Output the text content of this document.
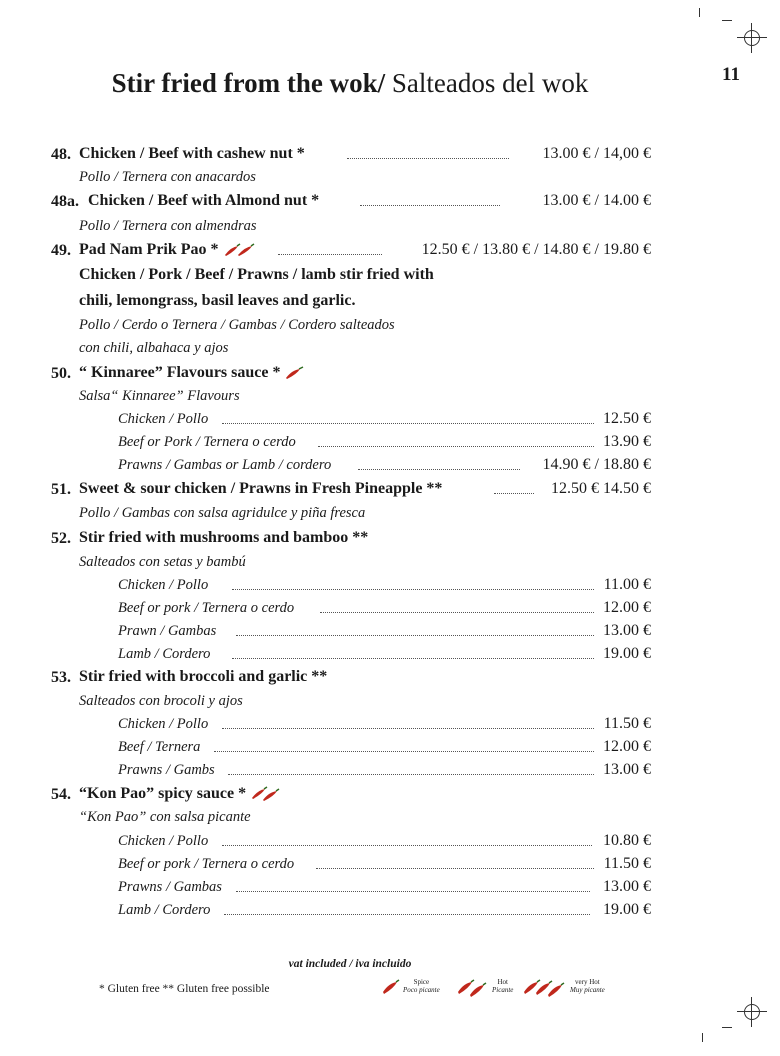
11
Stir fried from the wok/ Salteados del wok
48. Chicken / Beef with cashew nut *	13.00 € / 14,00 €
Pollo / Ternera con anacardos
48a. Chicken / Beef with Almond nut *	13.00 € / 14.00 €
Pollo / Ternera con almendras
49. Pad Nam Prik Pao *	12.50 € / 13.80 € / 14.80 € / 19.80 €
Chicken / Pork / Beef / Prawns / lamb stir fried with
chili, lemongrass, basil leaves and garlic.
Pollo / Cerdo o Ternera / Gambas / Cordero salteados
con chili, albahaca y ajos
50. “ Kinnaree” Flavours sauce *
Salsa“ Kinnaree” Flavours
Chicken / Pollo	12.50 €
Beef or Pork / Ternera o cerdo	13.90 €
Prawns / Gambas or Lamb / cordero	14.90 € / 18.80 €
51. Sweet & sour chicken / Prawns in Fresh Pineapple **	12.50 € 14.50 €
Pollo / Gambas con salsa agridulce y piña fresca
52. Stir fried with mushrooms and bamboo **
Salteados con setas y bambú
Chicken / Pollo	11.00 €
Beef or pork / Ternera o cerdo	12.00 €
Prawn / Gambas	13.00 €
Lamb / Cordero	19.00 €
53. Stir fried with broccoli and garlic **
Salteados con brocoli y ajos
Chicken / Pollo	11.50 €
Beef / Ternera	12.00 €
Prawns / Gambs	13.00 €
54. “Kon Pao” spicy sauce *
“Kon Pao” con salsa picante
Chicken / Pollo	10.80 €
Beef or pork / Ternera o cerdo	11.50 €
Prawns / Gambas	13.00 €
Lamb / Cordero	19.00 €
vat included / iva incluido
* Gluten free ** Gluten free possible
Spice
Poco picante
Hot
Picante
very Hot
Muy picante
